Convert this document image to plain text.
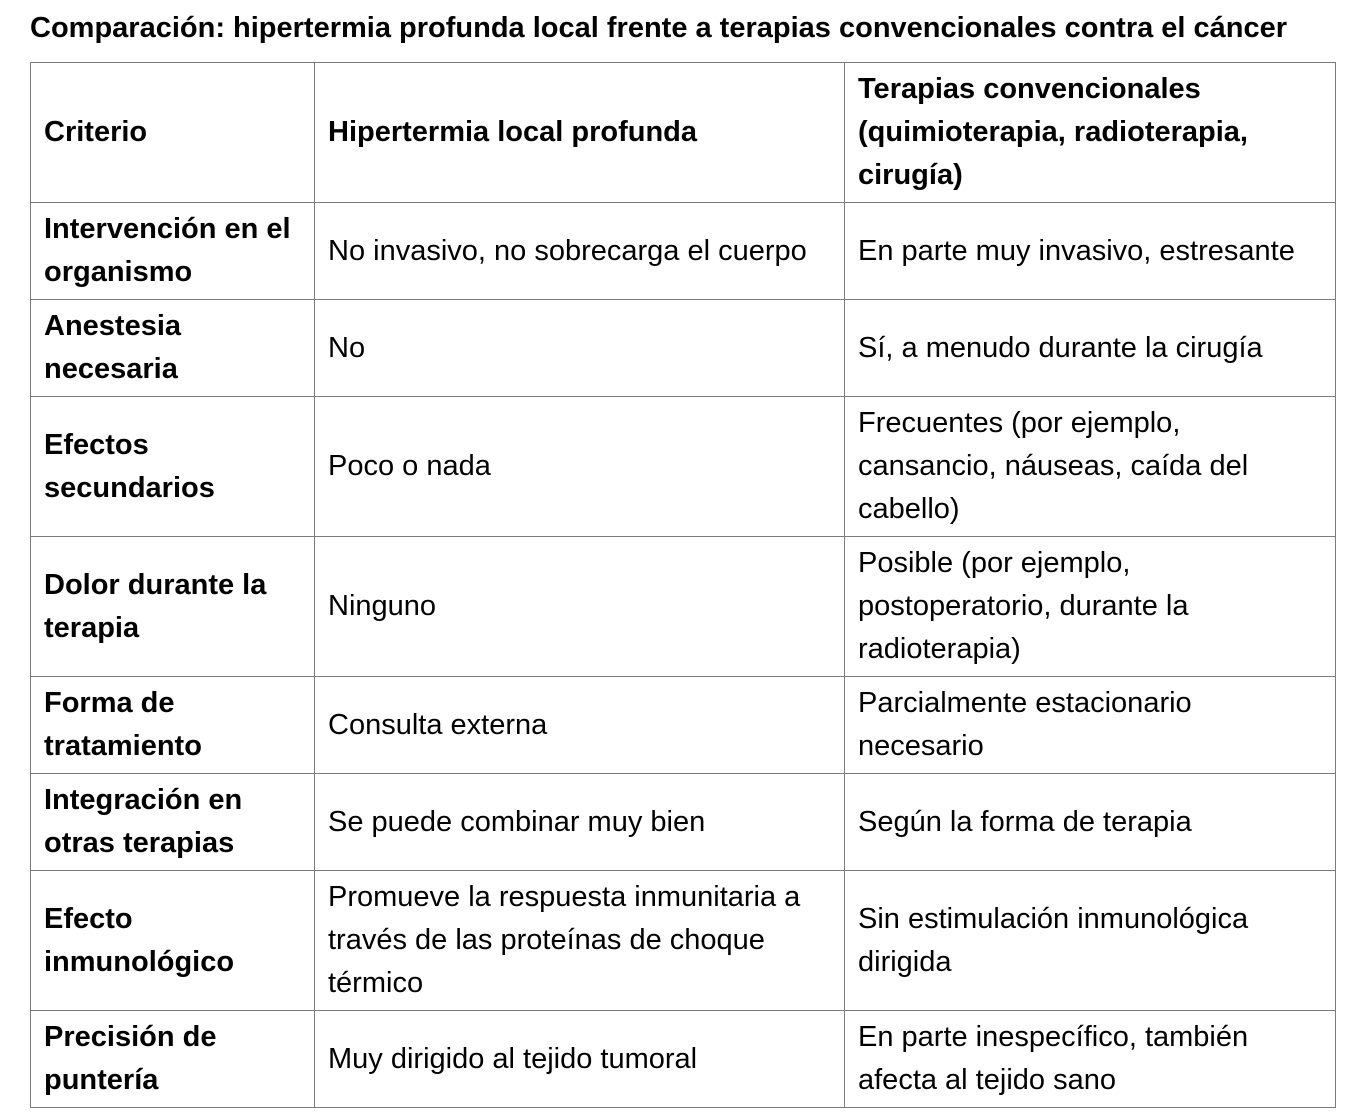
Comparación: hipertermia profunda local frente a terapias convencionales contra el cáncer
Criterio	Hipertermia local profunda	Terapias convencionales (quimioterapia, radioterapia, cirugía)
Intervención en el organismo	No invasivo, no sobrecarga el cuerpo	En parte muy invasivo, estresante
Anestesia necesaria	No	Sí, a menudo durante la cirugía
Efectos secundarios	Poco o nada	Frecuentes (por ejemplo, cansancio, náuseas, caída del cabello)
Dolor durante la terapia	Ninguno	Posible (por ejemplo, postoperatorio, durante la radioterapia)
Forma de tratamiento	Consulta externa	Parcialmente estacionario necesario
Integración en otras terapias	Se puede combinar muy bien	Según la forma de terapia
Efecto inmunológico	Promueve la respuesta inmunitaria a través de las proteínas de choque térmico	Sin estimulación inmunológica dirigida
Precisión de puntería	Muy dirigido al tejido tumoral	En parte inespecífico, también afecta al tejido sano
